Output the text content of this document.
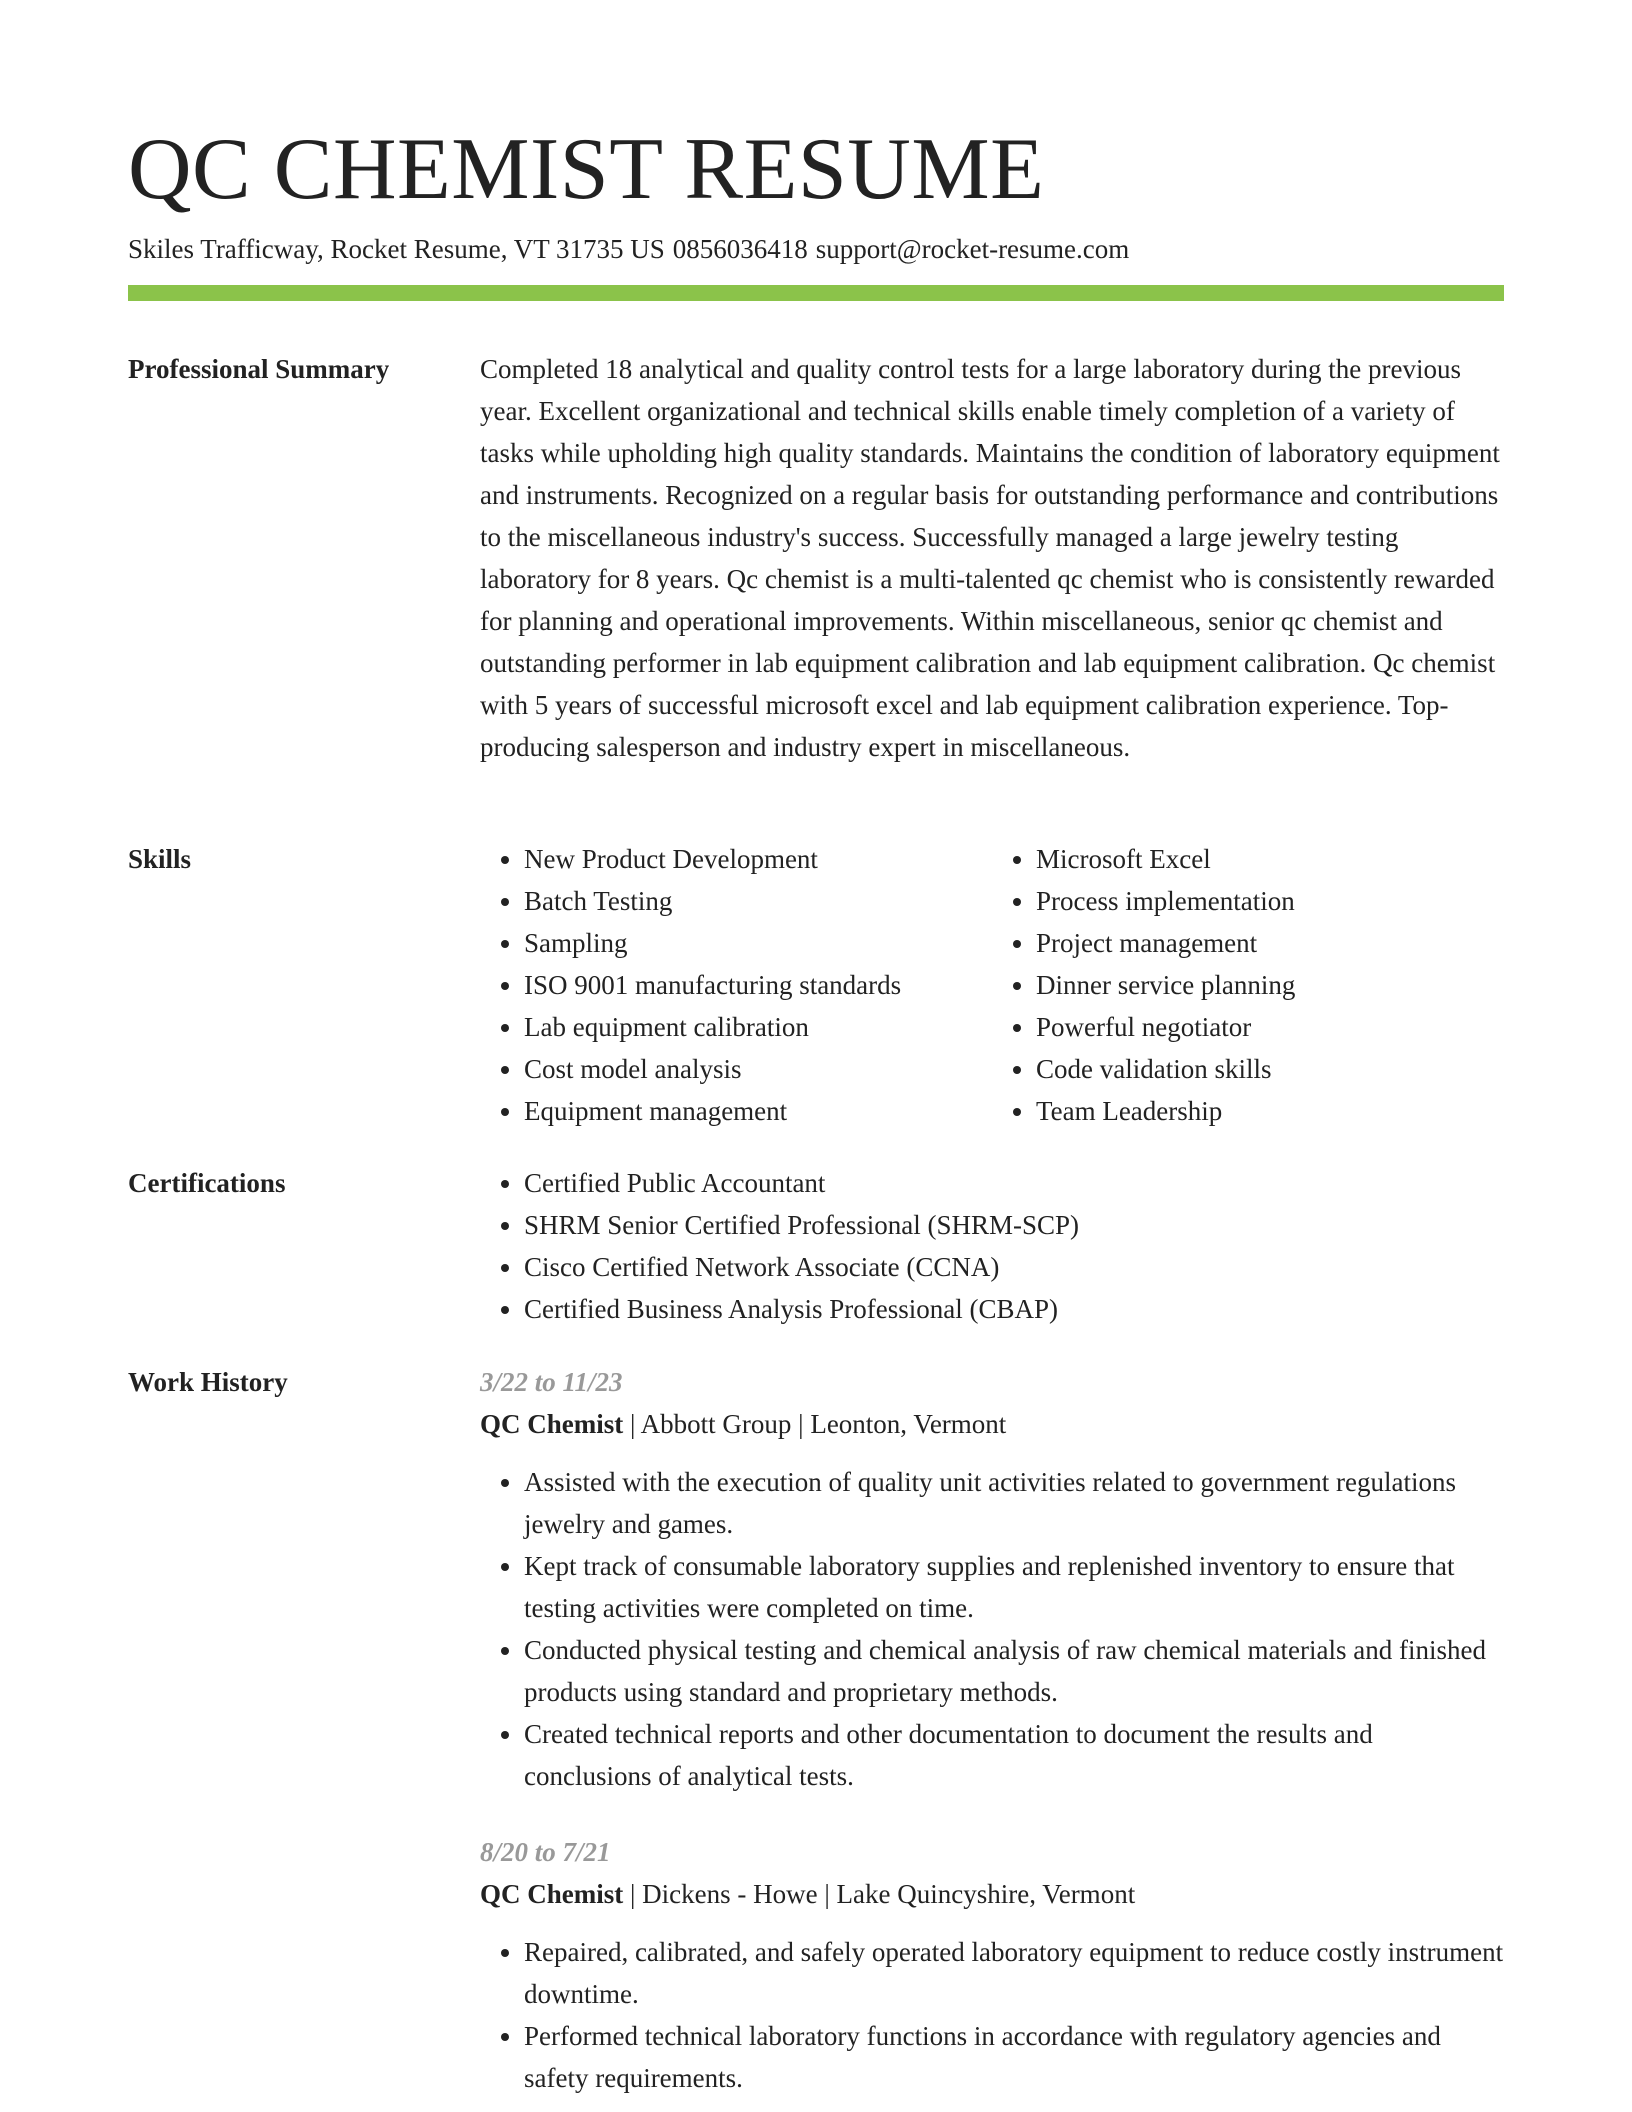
QC CHEMIST RESUME
Skiles Trafficway, Rocket Resume, VT 31735 US 0856036418 support@rocket-resume.com
Professional Summary	Completed 18 analytical and quality control tests for a large laboratory during the previous year. Excellent organizational and technical skills enable timely completion of a variety of tasks while upholding high quality standards. Maintains the condition of laboratory equipment and instruments. Recognized on a regular basis for outstanding performance and contributions to the miscellaneous industry's success. Successfully managed a large jewelry testing laboratory for 8 years. Qc chemist is a multi-talented qc chemist who is consistently rewarded for planning and operational improvements. Within miscellaneous, senior qc chemist and outstanding performer in lab equipment calibration and lab equipment calibration. Qc chemist with 5 years of successful microsoft excel and lab equipment calibration experience. Top-producing salesperson and industry expert in miscellaneous.

Skills	• New Product Development
• Batch Testing
• Sampling
• ISO 9001 manufacturing standards
• Lab equipment calibration
• Cost model analysis
• Equipment management
• Microsoft Excel
• Process implementation
• Project management
• Dinner service planning
• Powerful negotiator
• Code validation skills
• Team Leadership
Certifications	• Certified Public Accountant
• SHRM Senior Certified Professional (SHRM-SCP)
• Cisco Certified Network Associate (CCNA)
• Certified Business Analysis Professional (CBAP)
Work History	3/22 to 11/23
QC Chemist | Abbott Group | Leonton, Vermont
• Assisted with the execution of quality unit activities related to government regulations jewelry and games.
• Kept track of consumable laboratory supplies and replenished inventory to ensure that testing activities were completed on time.
• Conducted physical testing and chemical analysis of raw chemical materials and finished products using standard and proprietary methods.
• Created technical reports and other documentation to document the results and conclusions of analytical tests.
8/20 to 7/21
QC Chemist | Dickens - Howe | Lake Quincyshire, Vermont
• Repaired, calibrated, and safely operated laboratory equipment to reduce costly instrument downtime.
• Performed technical laboratory functions in accordance with regulatory agencies and safety requirements.
